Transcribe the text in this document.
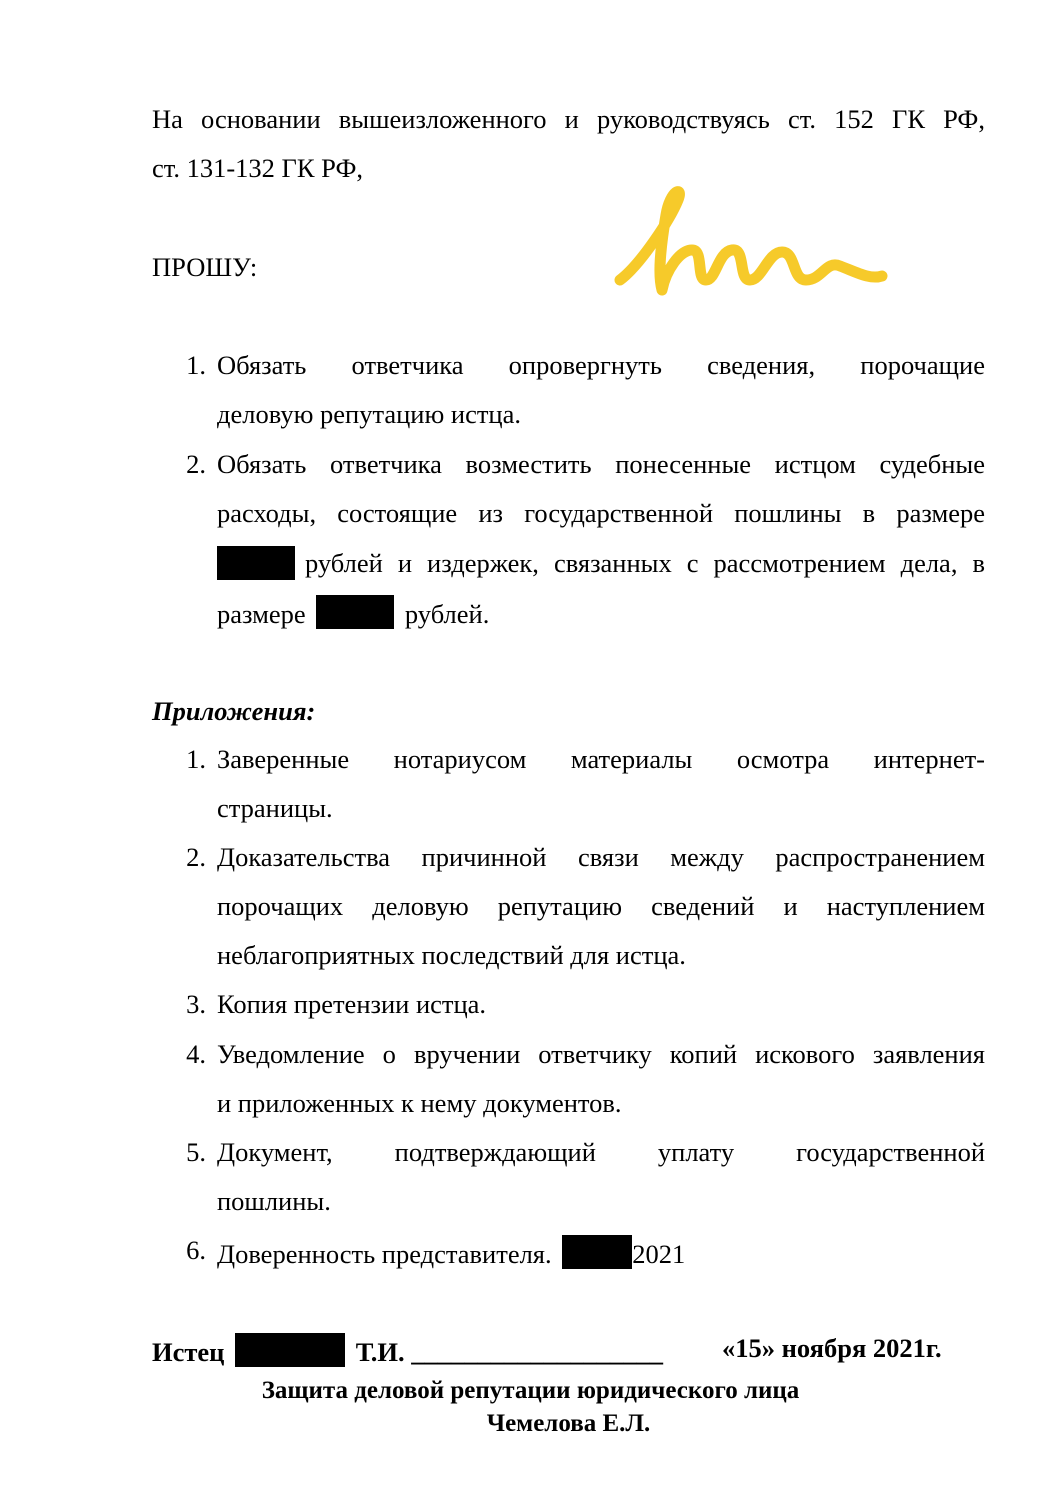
На основании вышеизложенного и руководствуясь ст. 152 ГК РФ,
ст. 131-132 ГК РФ,
ПРОШУ:
1. Обязать ответчика опровергнуть сведения, порочащие
деловую репутацию истца.
2. Обязать ответчика возместить понесенные истцом судебные
расходы, состоящие из государственной пошлины в размере
рублей и издержек, связанных с рассмотрением дела, в
размере	рублей.
Приложения:
1. Заверенные нотариусом материалы осмотра интернет-
страницы.
2. Доказательства причинной связи между распространением
порочащих деловую репутацию сведений и наступлением
неблагоприятных последствий для истца.
3. Копия претензии истца.
4. Уведомление о вручении ответчику копий искового заявления
и приложенных к нему документов.
5. Документ, подтверждающий уплату государственной
пошлины.
6. Доверенность представителя.	2021
Истец	Т.И. ___________________ «15» ноября 2021г.
Защита деловой репутации юридического лица
Чемелова Е.Л.
